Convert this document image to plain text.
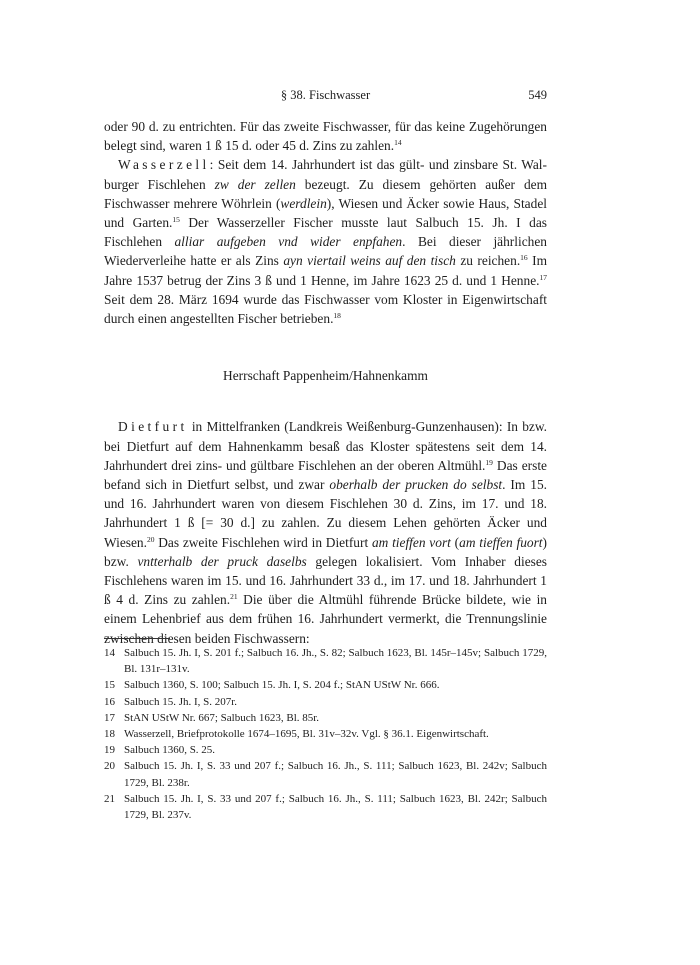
§ 38. Fischwasser	549

oder 90 d. zu entrichten. Für das zweite Fischwasser, für das keine Zugehörungen belegt sind, waren 1 ß 15 d. oder 45 d. Zins zu zahlen.$^{14}$

Wasserzell: Seit dem 14. Jahrhundert ist das gült- und zinsbare St. Walburger Fischlehen zw der zellen bezeugt. Zu diesem gehörten außer dem Fischwasser mehrere Wöhrlein (werdlein), Wiesen und Äcker sowie Haus, Stadel und Garten.$^{15}$ Der Wasserzeller Fischer musste laut Salbuch 15. Jh. I das Fischlehen alliar aufgeben vnd wider enpfahen. Bei dieser jährlichen Wiederverleihe hatte er als Zins ayn viertail weins auf den tisch zu reichen.$^{16}$ Im Jahre 1537 betrug der Zins 3 ß und 1 Henne, im Jahre 1623 25 d. und 1 Henne.$^{17}$ Seit dem 28. März 1694 wurde das Fischwasser vom Kloster in Eigenwirtschaft durch einen angestellten Fischer betrieben.$^{18}$

Herrschaft Pappenheim/Hahnenkamm

Dietfurt in Mittelfranken (Landkreis Weißenburg-Gunzenhausen): In bzw. bei Dietfurt auf dem Hahnenkamm besaß das Kloster spätestens seit dem 14. Jahrhundert drei zins- und gültbare Fischlehen an der oberen Altmühl.$^{19}$ Das erste befand sich in Dietfurt selbst, und zwar oberhalb der prucken do selbst. Im 15. und 16. Jahrhundert waren von diesem Fischlehen 30 d. Zins, im 17. und 18. Jahrhundert 1 ß [= 30 d.] zu zahlen. Zu diesem Lehen gehörten Äcker und Wiesen.$^{20}$ Das zweite Fischlehen wird in Dietfurt am tieffen vort (am tieffen fuort) bzw. vntterhalb der pruck daselbs gelegen lokalisiert. Vom Inhaber dieses Fischlehens waren im 15. und 16. Jahrhundert 33 d., im 17. und 18. Jahrhundert 1 ß 4 d. Zins zu zahlen.$^{21}$ Die über die Altmühl führende Brücke bildete, wie in einem Lehenbrief aus dem frühen 16. Jahrhundert vermerkt, die Trennungslinie zwischen diesen beiden Fischwassern:

14 Salbuch 15. Jh. I, S. 201 f.; Salbuch 16. Jh., S. 82; Salbuch 1623, Bl. 145r–145v; Salbuch 1729, Bl. 131r–131v.
15 Salbuch 1360, S. 100; Salbuch 15. Jh. I, S. 204 f.; StAN UStW Nr. 666.
16 Salbuch 15. Jh. I, S. 207r.
17 StAN UStW Nr. 667; Salbuch 1623, Bl. 85r.
18 Wasserzell, Briefprotokolle 1674–1695, Bl. 31v–32v. Vgl. § 36.1. Eigenwirtschaft.
19 Salbuch 1360, S. 25.
20 Salbuch 15. Jh. I, S. 33 und 207 f.; Salbuch 16. Jh., S. 111; Salbuch 1623, Bl. 242v; Salbuch 1729, Bl. 238r.
21 Salbuch 15. Jh. I, S. 33 und 207 f.; Salbuch 16. Jh., S. 111; Salbuch 1623, Bl. 242r; Salbuch 1729, Bl. 237v.
